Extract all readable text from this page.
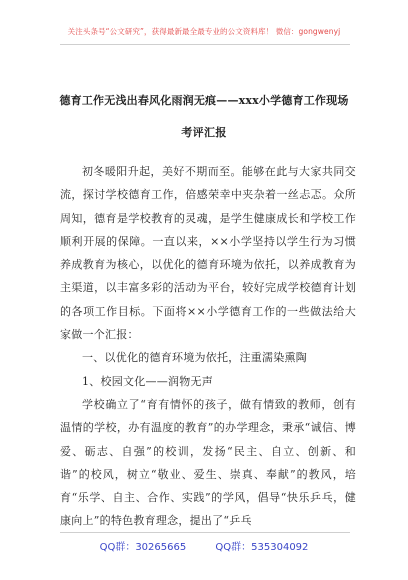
关注头条号“公文研究”，获得最新最全最专业的公文资料库！ 微信：gongwenyj
德育工作无浅出春风化雨润无痕——xxx小学德育工作现场
考评汇报

初冬暖阳升起，美好不期而至。能够在此与大家共同交流，探讨学校德育工作，倍感荣幸中夹杂着一丝忐忑。众所周知，德育是学校教育的灵魂，是学生健康成长和学校工作顺利开展的保障。一直以来，××小学坚持以学生行为习惯养成教育为核心，以优化的德育环境为依托，以养成教育为主渠道，以丰富多彩的活动为平台，较好完成学校德育计划的各项工作目标。下面将××小学德育工作的一些做法给大家做一个汇报：

一、以优化的德育环境为依托，注重濡染熏陶

1、校园文化——润物无声

学校确立了“育有情怀的孩子，做有情致的教师，创有温情的学校，办有温度的教育”的办学理念，秉承“诚信、博爱、砺志、自强”的校训，发扬“民主、自立、创新、和谐”的校风，树立“敬业、爱生、崇真、奉献”的教风，培育“乐学、自主、合作、实践”的学风，倡导“快乐乒乓，健康向上”的特色教育理念，提出了“乒乓

QQ群：30265665	QQ群：535304092
